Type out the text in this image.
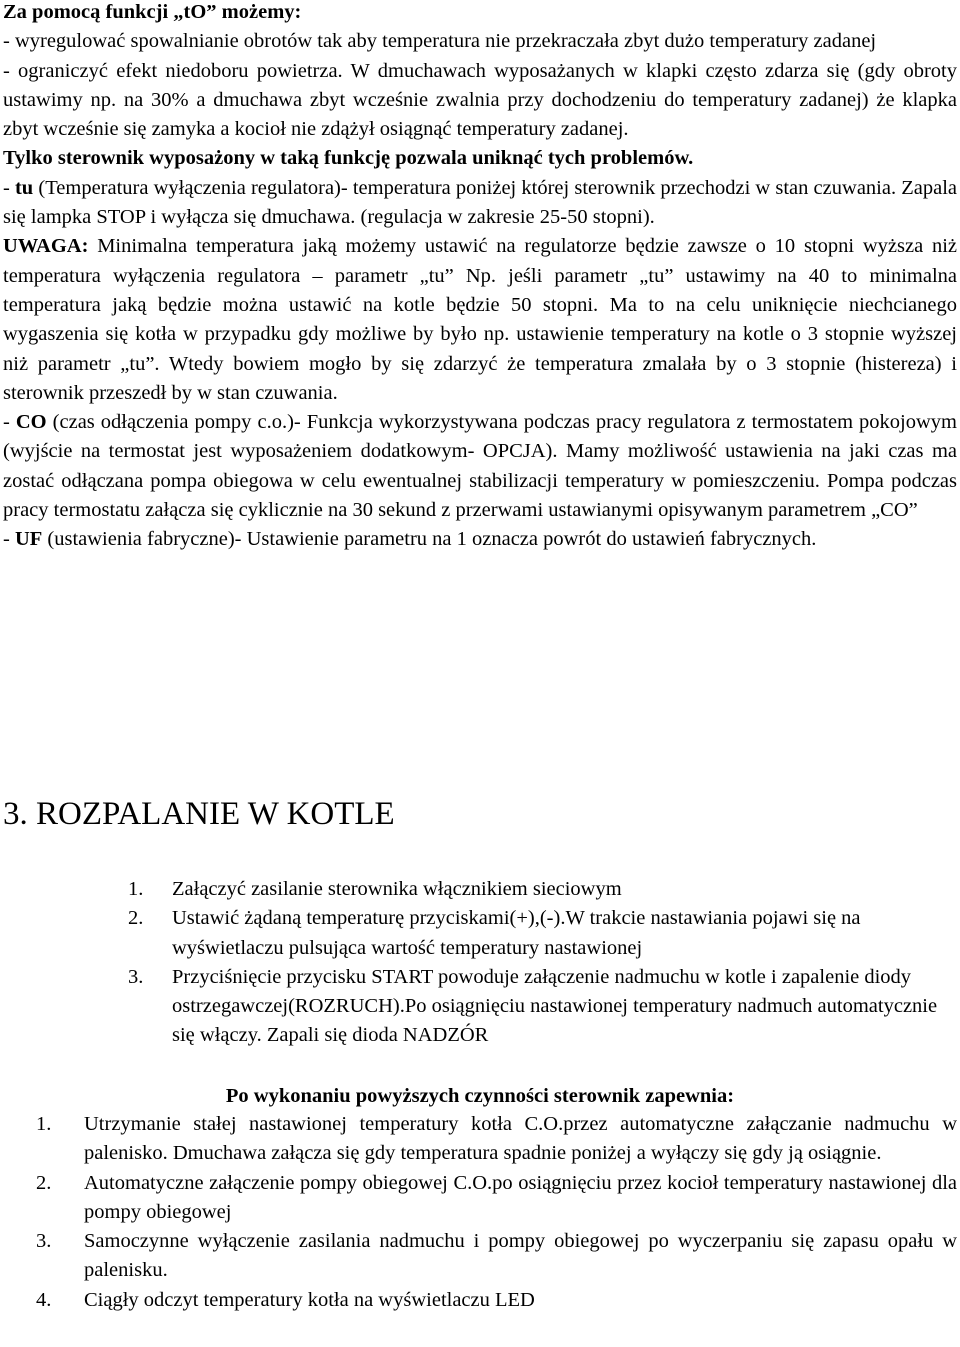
Za pomocą funkcji „tO” możemy:

- wyregulować spowalnianie obrotów tak aby temperatura nie przekraczała zbyt dużo temperatury zadanej

- ograniczyć efekt niedoboru powietrza. W dmuchawach wyposażanych w klapki często zdarza się (gdy obroty ustawimy np. na 30% a dmuchawa zbyt wcześnie zwalnia przy dochodzeniu do temperatury zadanej) że klapka zbyt wcześnie się zamyka a kocioł nie zdążył osiągnąć temperatury zadanej.

Tylko sterownik wyposażony w taką funkcję pozwala uniknąć tych problemów.

- tu (Temperatura wyłączenia regulatora)- temperatura poniżej której sterownik przechodzi w stan czuwania. Zapala się lampka STOP i wyłącza się dmuchawa. (regulacja w zakresie 25-50 stopni).

UWAGA: Minimalna temperatura jaką możemy ustawić na regulatorze będzie zawsze o 10 stopni wyższa niż temperatura wyłączenia regulatora – parametr „tu” Np. jeśli parametr „tu” ustawimy na 40 to minimalna temperatura jaką będzie można ustawić na kotle będzie 50 stopni. Ma to na celu uniknięcie niechcianego wygaszenia się kotła w przypadku gdy możliwe by było np. ustawienie temperatury na kotle o 3 stopnie wyższej niż parametr „tu”. Wtedy bowiem mogło by się zdarzyć że temperatura zmalała by o 3 stopnie (histereza) i sterownik przeszedł by w stan czuwania.

- CO (czas odłączenia pompy c.o.)- Funkcja wykorzystywana podczas pracy regulatora z termostatem pokojowym (wyjście na termostat jest wyposażeniem dodatkowym- OPCJA). Mamy możliwość ustawienia na jaki czas ma zostać odłączana pompa obiegowa w celu ewentualnej stabilizacji temperatury w pomieszczeniu. Pompa podczas pracy termostatu załącza się cyklicznie na 30 sekund z przerwami ustawianymi opisywanym parametrem „CO”

- UF (ustawienia fabryczne)- Ustawienie parametru na 1 oznacza powrót do ustawień fabrycznych.

3. ROZPALANIE W KOTLE
1.	Załączyć zasilanie sterownika włącznikiem sieciowym
2.	Ustawić żądaną temperaturę przyciskami(+),(-).W trakcie nastawiania pojawi się na wyświetlaczu pulsująca wartość temperatury nastawionej
3.	Przyciśnięcie przycisku START powoduje załączenie nadmuchu w kotle i zapalenie diody ostrzegawczej(ROZRUCH).Po osiągnięciu nastawionej temperatury nadmuch automatycznie się włączy. Zapali się dioda NADZÓR

Po wykonaniu powyższych czynności sterownik zapewnia:

1.	Utrzymanie stałej nastawionej temperatury kotła C.O.przez automatyczne załączanie nadmuchu w palenisko. Dmuchawa załącza się gdy temperatura spadnie poniżej a wyłączy się gdy ją osiągnie.
2.	Automatyczne załączenie pompy obiegowej C.O.po osiągnięciu przez kocioł temperatury nastawionej dla pompy obiegowej
3.	Samoczynne wyłączenie zasilania nadmuchu i pompy obiegowej po wyczerpaniu się zapasu opału w palenisku.
4.	Ciągły odczyt temperatury kotła na wyświetlaczu LED
